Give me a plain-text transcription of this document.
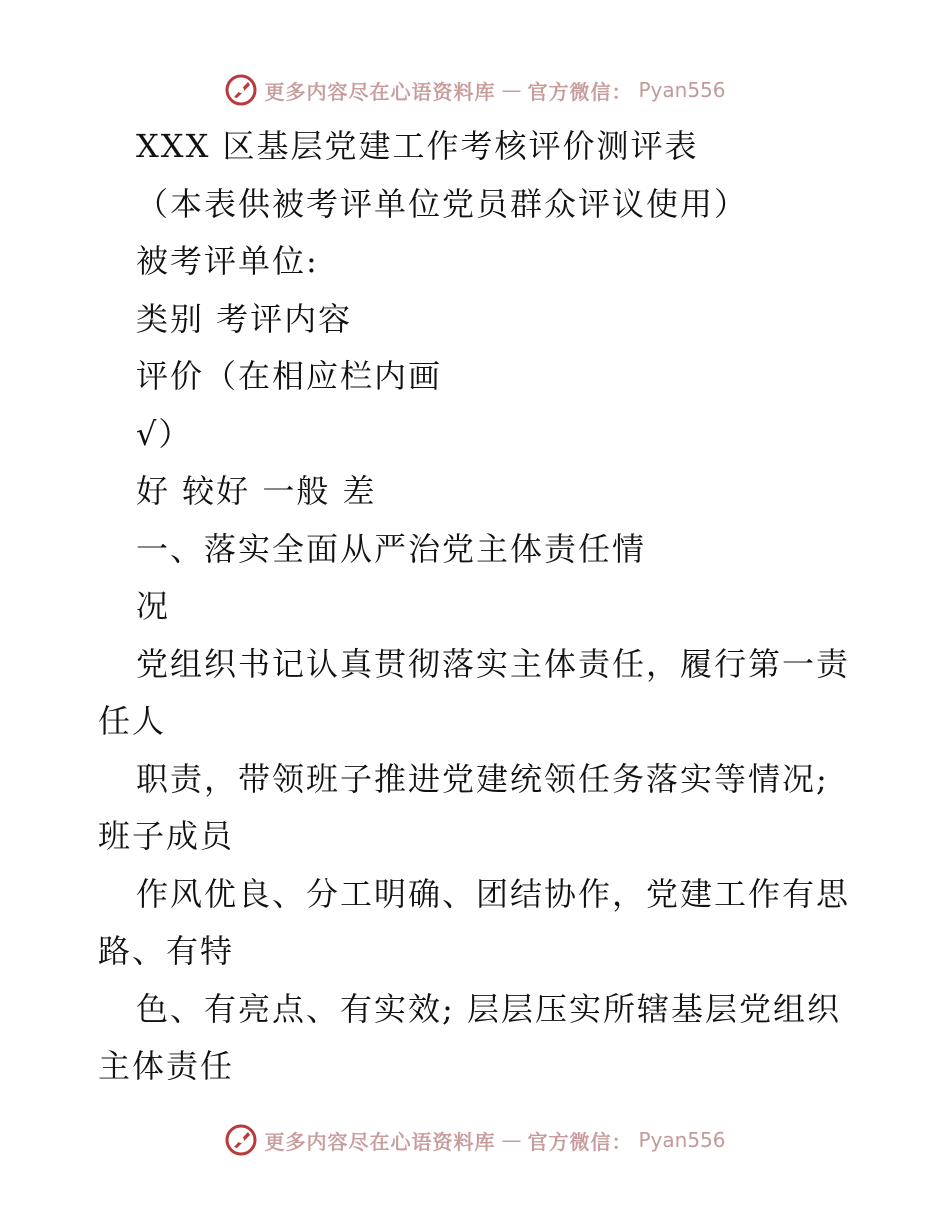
更多内容尽在心语资料库 — 官方微信： Pyan556
XXX 区基层党建工作考核评价测评表
（本表供被考评单位党员群众评议使用）
被考评单位:
类别 考评内容
评价（在相应栏内画
√）
好 较好 一般 差
一、落实全面从严治党主体责任情
况
党组织书记认真贯彻落实主体责任，履行第一责
任人
职责，带领班子推进党建统领任务落实等情况;
班子成员
作风优良、分工明确、团结协作，党建工作有思
路、有特
色、有亮点、有实效; 层层压实所辖基层党组织
主体责任
更多内容尽在心语资料库 — 官方微信： Pyan556
